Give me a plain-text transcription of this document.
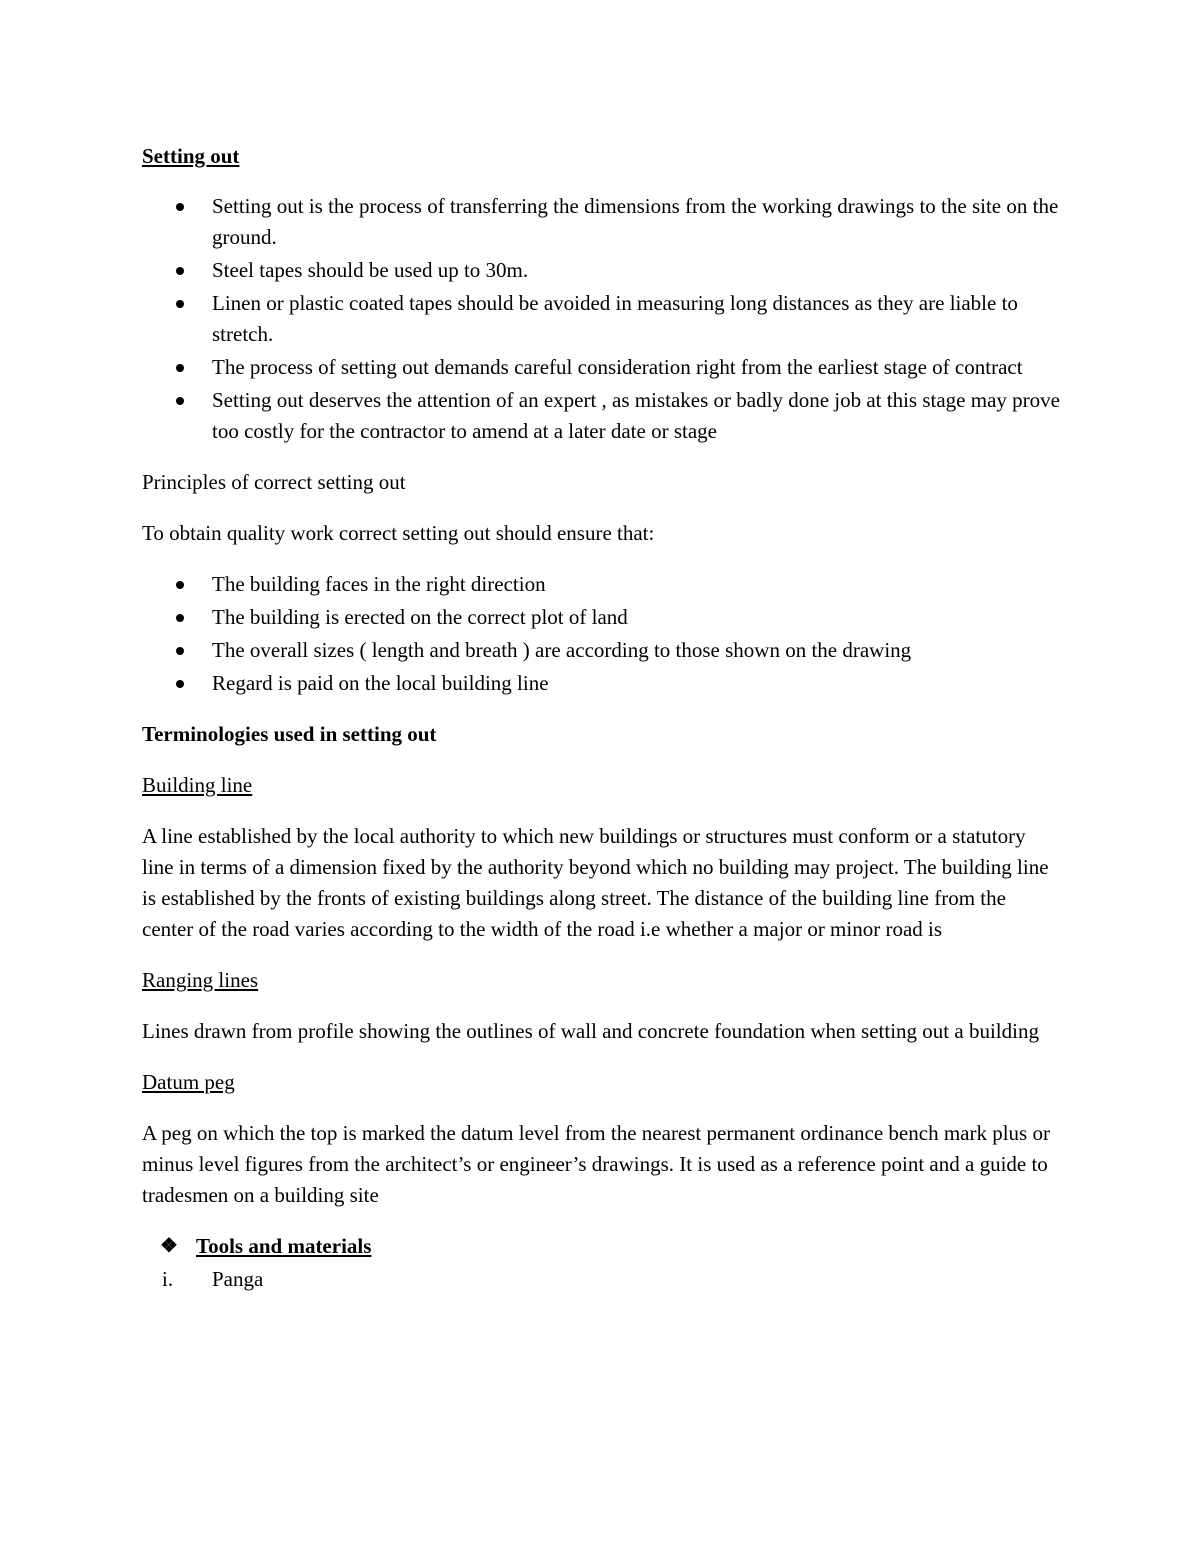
Setting out
Setting out is the process of transferring the dimensions from the working drawings to the site on the ground.
Steel tapes should be used up to 30m.
Linen or plastic coated tapes should be avoided in measuring long distances as they are liable to stretch.
The process of setting out demands careful consideration right from the earliest stage of contract
Setting out deserves the attention of an expert , as mistakes or badly done job at this stage may prove too costly for the contractor to amend at a later date or stage
Principles of correct setting out
To obtain quality work correct setting out should ensure that:
The building faces in the right direction
The building is erected on the correct plot of land
The overall sizes ( length and breath ) are according to those shown on the drawing
Regard is paid on the local building line
Terminologies used in setting out
Building line
A line established by the local authority to which new buildings or structures must conform or a statutory line in terms of a dimension fixed by the authority beyond which no building may project. The building line is established by the fronts of existing buildings along street. The distance of the building line from the center of the road varies according to the width of the road i.e whether a major or minor road is
Ranging lines
Lines drawn from profile showing the outlines of wall and concrete foundation when setting out a building
Datum peg
A peg on which the top is marked the datum level from the nearest permanent ordinance bench mark plus or minus level figures from the architect’s or engineer’s drawings. It is used as a reference point and a guide to tradesmen on a building site
❖ Tools and materials
i. Panga
